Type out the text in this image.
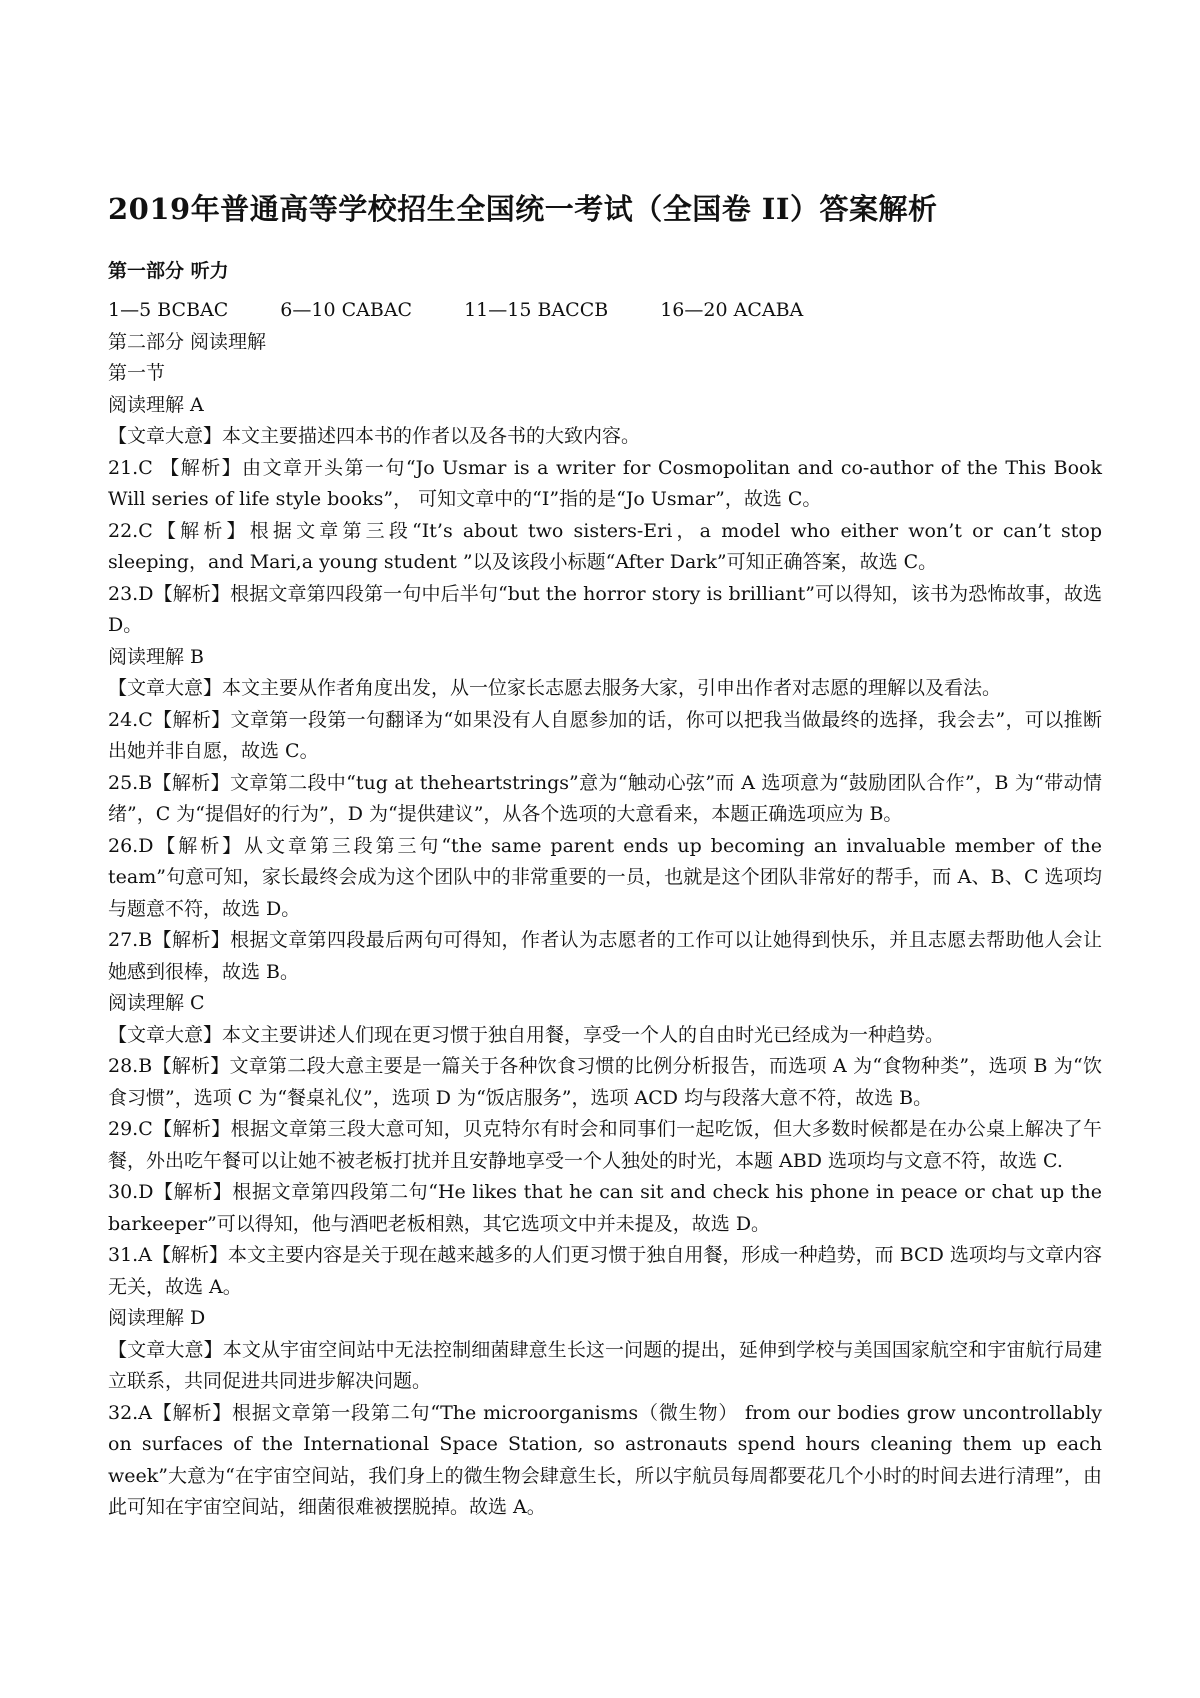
2019年普通高等学校招生全国统一考试（全国卷 II）答案解析
第一部分 听力
1—5 BCBAC	6—10 CABAC	11—15 BACCB	16—20 ACABA
第二部分 阅读理解
第一节
阅读理解 A
【文章大意】本文主要描述四本书的作者以及各书的大致内容。
21.C 【解析】由文章开头第一句“Jo Usmar is a writer for Cosmopolitan and co-author of the This Book Will series of life style books”， 可知文章中的“I”指的是“Jo Usmar”，故选 C。
22.C【解析】根据文章第三段“It’s about two sisters-Eri，a model who either won’t or can’t stop sleeping，and Mari,a young student ”以及该段小标题“After Dark”可知正确答案，故选 C。
23.D【解析】根据文章第四段第一句中后半句“but the horror story is brilliant”可以得知，该书为恐怖故事，故选 D。
阅读理解 B
【文章大意】本文主要从作者角度出发，从一位家长志愿去服务大家，引申出作者对志愿的理解以及看法。
24.C【解析】文章第一段第一句翻译为“如果没有人自愿参加的话，你可以把我当做最终的选择，我会去”，可以推断出她并非自愿，故选 C。
25.B【解析】文章第二段中“tug at theheartstrings”意为“触动心弦”而 A 选项意为“鼓励团队合作”，B 为“带动情绪”，C 为“提倡好的行为”，D 为“提供建议”，从各个选项的大意看来，本题正确选项应为 B。
26.D【解析】从文章第三段第三句“the same parent ends up becoming an invaluable member of the team”句意可知，家长最终会成为这个团队中的非常重要的一员，也就是这个团队非常好的帮手，而 A、B、C 选项均与题意不符，故选 D。
27.B【解析】根据文章第四段最后两句可得知，作者认为志愿者的工作可以让她得到快乐，并且志愿去帮助他人会让她感到很棒，故选 B。
阅读理解 C
【文章大意】本文主要讲述人们现在更习惯于独自用餐，享受一个人的自由时光已经成为一种趋势。
28.B【解析】文章第二段大意主要是一篇关于各种饮食习惯的比例分析报告，而选项 A 为“食物种类”，选项 B 为“饮食习惯”，选项 C 为“餐桌礼仪”，选项 D 为“饭店服务”，选项 ACD 均与段落大意不符，故选 B。
29.C【解析】根据文章第三段大意可知，贝克特尔有时会和同事们一起吃饭，但大多数时候都是在办公桌上解决了午餐，外出吃午餐可以让她不被老板打扰并且安静地享受一个人独处的时光，本题 ABD 选项均与文意不符，故选 C.
30.D【解析】根据文章第四段第二句“He likes that he can sit and check his phone in peace or chat up the barkeeper”可以得知，他与酒吧老板相熟，其它选项文中并未提及，故选 D。
31.A【解析】本文主要内容是关于现在越来越多的人们更习惯于独自用餐，形成一种趋势，而 BCD 选项均与文章内容无关，故选 A。
阅读理解 D
【文章大意】本文从宇宙空间站中无法控制细菌肆意生长这一问题的提出，延伸到学校与美国国家航空和宇宙航行局建立联系，共同促进共同进步解决问题。
32.A【解析】根据文章第一段第二句“The microorganisms（微生物） from our bodies grow uncontrollably on surfaces of the International Space Station, so astronauts spend hours cleaning them up each week”大意为“在宇宙空间站，我们身上的微生物会肆意生长，所以宇航员每周都要花几个小时的时间去进行清理”，由此可知在宇宙空间站，细菌很难被摆脱掉。故选 A。
